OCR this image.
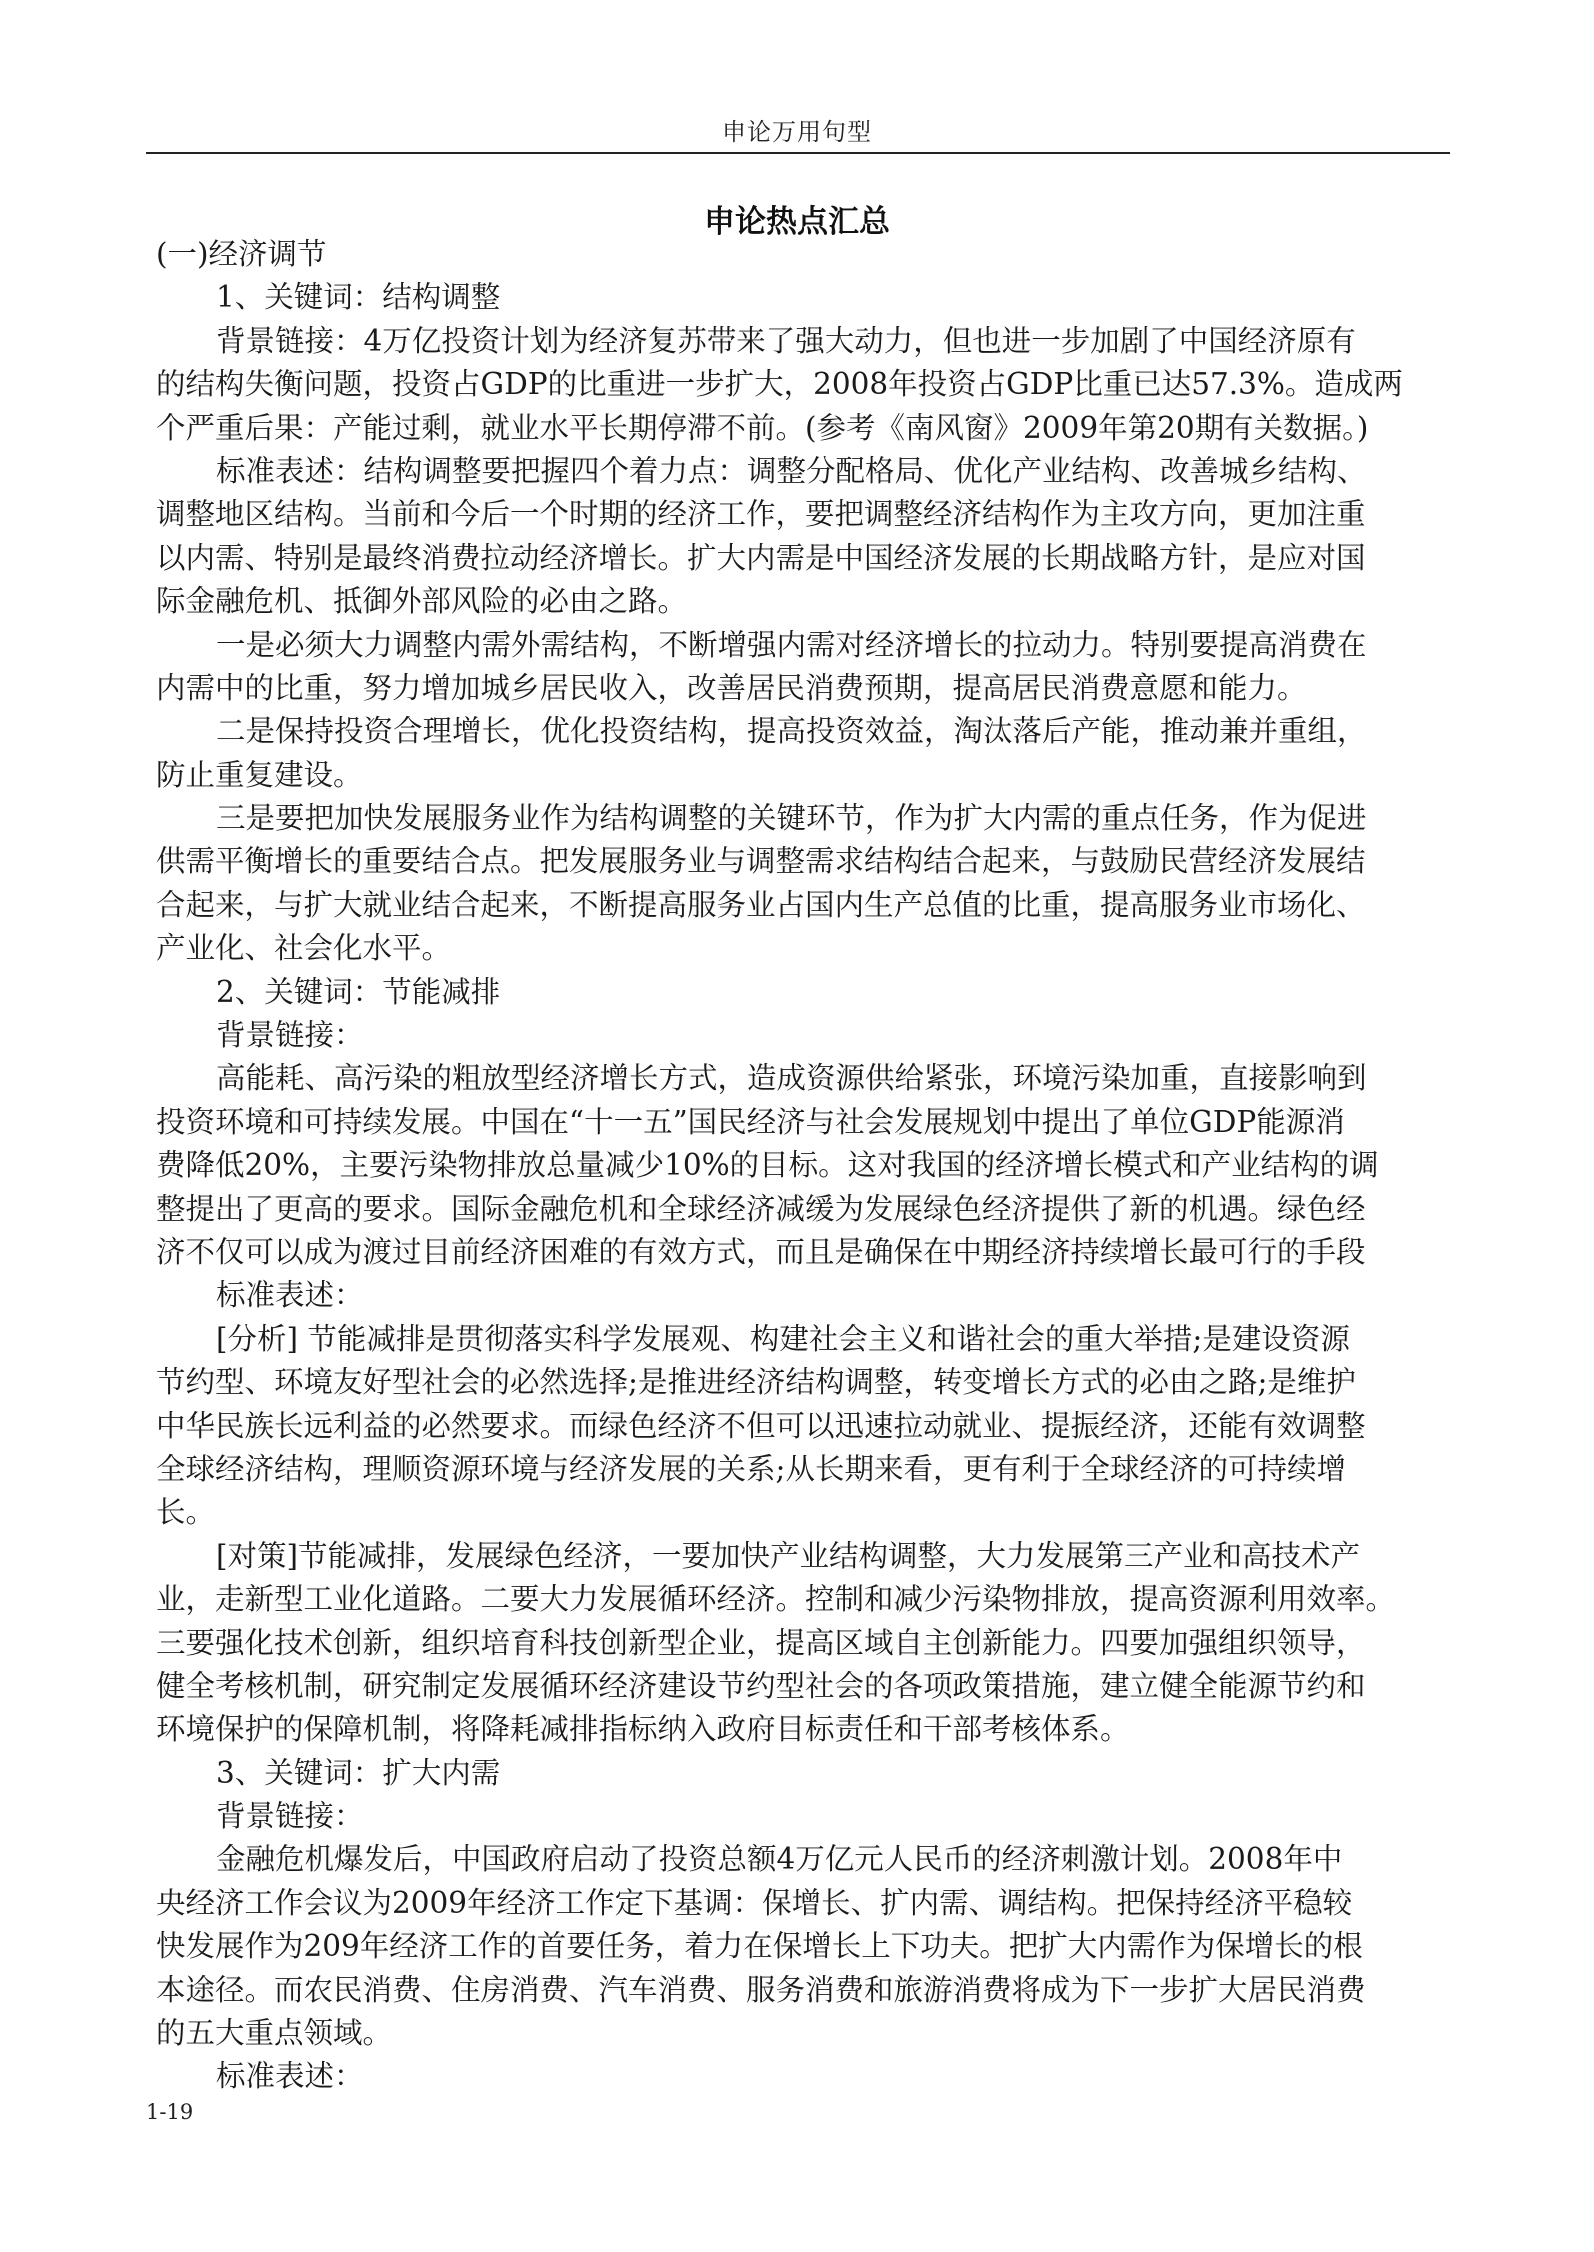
申论万用句型
申论热点汇总
(一)经济调节
1、关键词：结构调整
背景链接：4万亿投资计划为经济复苏带来了强大动力，但也进一步加剧了中国经济原有
的结构失衡问题，投资占GDP的比重进一步扩大，2008年投资占GDP比重已达57.3%。造成两
个严重后果：产能过剩，就业水平长期停滞不前。(参考《南风窗》2009年第20期有关数据。)
标准表述：结构调整要把握四个着力点：调整分配格局、优化产业结构、改善城乡结构、
调整地区结构。当前和今后一个时期的经济工作，要把调整经济结构作为主攻方向，更加注重
以内需、特别是最终消费拉动经济增长。扩大内需是中国经济发展的长期战略方针，是应对国
际金融危机、抵御外部风险的必由之路。
一是必须大力调整内需外需结构，不断增强内需对经济增长的拉动力。特别要提高消费在
内需中的比重，努力增加城乡居民收入，改善居民消费预期，提高居民消费意愿和能力。
二是保持投资合理增长，优化投资结构，提高投资效益，淘汰落后产能，推动兼并重组，
防止重复建设。
三是要把加快发展服务业作为结构调整的关键环节，作为扩大内需的重点任务，作为促进
供需平衡增长的重要结合点。把发展服务业与调整需求结构结合起来，与鼓励民营经济发展结
合起来，与扩大就业结合起来，不断提高服务业占国内生产总值的比重，提高服务业市场化、
产业化、社会化水平。
2、关键词：节能减排
背景链接：
高能耗、高污染的粗放型经济增长方式，造成资源供给紧张，环境污染加重，直接影响到
投资环境和可持续发展。中国在“十一五”国民经济与社会发展规划中提出了单位GDP能源消
费降低20%，主要污染物排放总量减少10%的目标。这对我国的经济增长模式和产业结构的调
整提出了更高的要求。国际金融危机和全球经济减缓为发展绿色经济提供了新的机遇。绿色经
济不仅可以成为渡过目前经济困难的有效方式，而且是确保在中期经济持续增长最可行的手段
标准表述：
[分析] 节能减排是贯彻落实科学发展观、构建社会主义和谐社会的重大举措;是建设资源
节约型、环境友好型社会的必然选择;是推进经济结构调整，转变增长方式的必由之路;是维护
中华民族长远利益的必然要求。而绿色经济不但可以迅速拉动就业、提振经济，还能有效调整
全球经济结构，理顺资源环境与经济发展的关系;从长期来看，更有利于全球经济的可持续增
长。
[对策]节能减排，发展绿色经济，一要加快产业结构调整，大力发展第三产业和高技术产
业，走新型工业化道路。二要大力发展循环经济。控制和减少污染物排放，提高资源利用效率。
三要强化技术创新，组织培育科技创新型企业，提高区域自主创新能力。四要加强组织领导，
健全考核机制，研究制定发展循环经济建设节约型社会的各项政策措施，建立健全能源节约和
环境保护的保障机制，将降耗减排指标纳入政府目标责任和干部考核体系。
3、关键词：扩大内需
背景链接：
金融危机爆发后，中国政府启动了投资总额4万亿元人民币的经济刺激计划。2008年中
央经济工作会议为2009年经济工作定下基调：保增长、扩内需、调结构。把保持经济平稳较
快发展作为209年经济工作的首要任务，着力在保增长上下功夫。把扩大内需作为保增长的根
本途径。而农民消费、住房消费、汽车消费、服务消费和旅游消费将成为下一步扩大居民消费
的五大重点领域。
标准表述：
1-19
